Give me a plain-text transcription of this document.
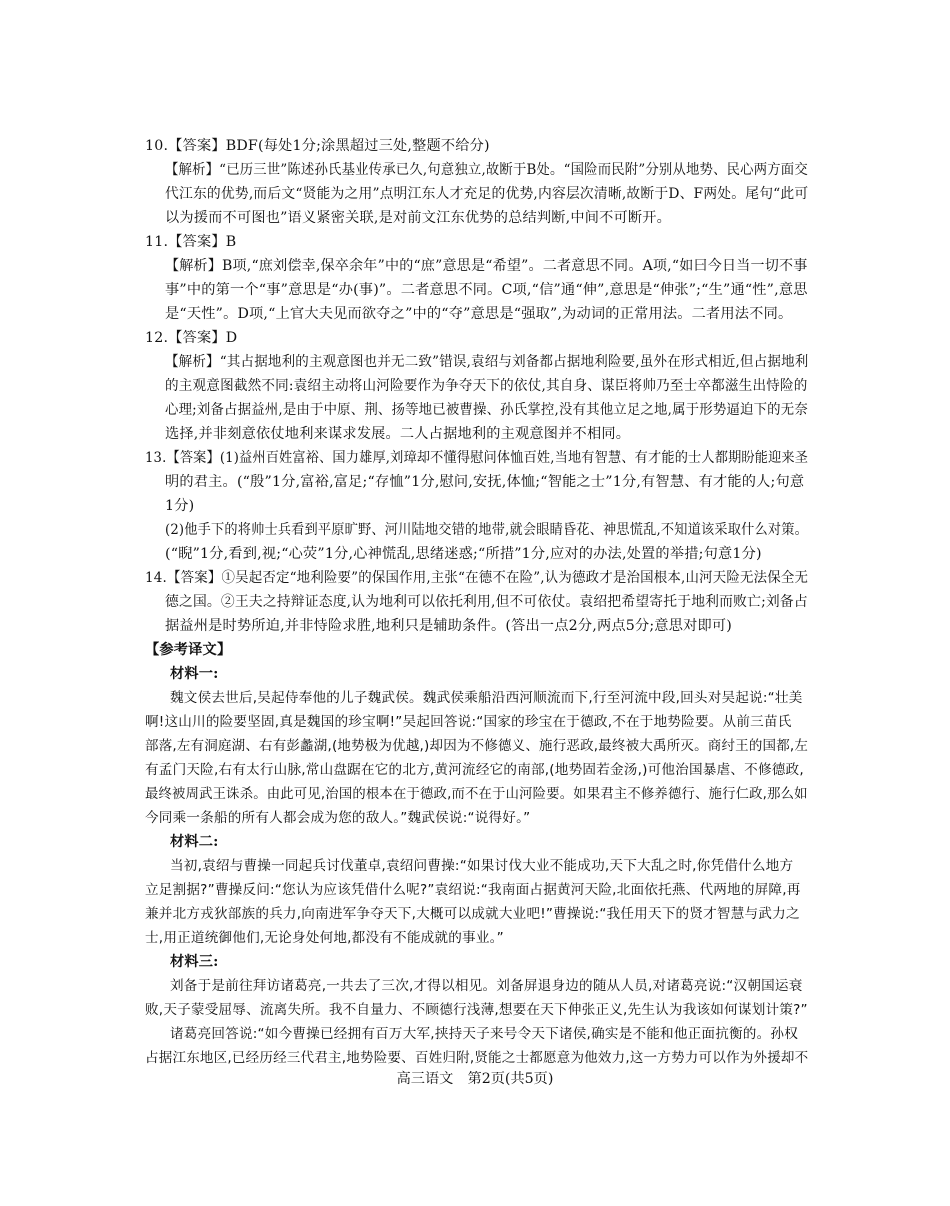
10.【答案】BDF(每处1分;涂黑超过三处,整题不给分)
【解析】“已历三世”陈述孙氏基业传承已久,句意独立,故断于B处。“国险而民附”分别从地势、民心两方面交
代江东的优势,而后文“贤能为之用”点明江东人才充足的优势,内容层次清晰,故断于D、F两处。尾句“此可
以为援而不可图也”语义紧密关联,是对前文江东优势的总结判断,中间不可断开。
11.【答案】B
【解析】B项,“庶刘偿幸,保卒余年”中的“庶”意思是“希望”。二者意思不同。A项,“如曰今日当一切不事
事”中的第一个“事”意思是“办(事)”。二者意思不同。C项,“信”通“伸”,意思是“伸张”;“生”通“性”,意思
是“天性”。D项,“上官大夫见而欲夺之”中的“夺”意思是“强取”,为动词的正常用法。二者用法不同。
12.【答案】D
【解析】“其占据地利的主观意图也并无二致”错误,袁绍与刘备都占据地利险要,虽外在形式相近,但占据地利
的主观意图截然不同:袁绍主动将山河险要作为争夺天下的依仗,其自身、谋臣将帅乃至士卒都滋生出恃险的
心理;刘备占据益州,是由于中原、荆、扬等地已被曹操、孙氏掌控,没有其他立足之地,属于形势逼迫下的无奈
选择,并非刻意依仗地利来谋求发展。二人占据地利的主观意图并不相同。
13.【答案】(1)益州百姓富裕、国力雄厚,刘璋却不懂得慰问体恤百姓,当地有智慧、有才能的士人都期盼能迎来圣
明的君主。(“殷”1分,富裕,富足;“存恤”1分,慰问,安抚,体恤;“智能之士”1分,有智慧、有才能的人;句意
1分)
(2)他手下的将帅士兵看到平原旷野、河川陆地交错的地带,就会眼睛昏花、神思慌乱,不知道该采取什么对策。
(“睨”1分,看到,视;“心荧”1分,心神慌乱,思绪迷惑;“所措”1分,应对的办法,处置的举措;句意1分)
14.【答案】①吴起否定“地利险要”的保国作用,主张“在德不在险”,认为德政才是治国根本,山河天险无法保全无
德之国。②王夫之持辩证态度,认为地利可以依托利用,但不可依仗。袁绍把希望寄托于地利而败亡;刘备占
据益州是时势所迫,并非恃险求胜,地利只是辅助条件。(答出一点2分,两点5分;意思对即可)
【参考译文】
材料一:
魏文侯去世后,吴起侍奉他的儿子魏武侯。魏武侯乘船沿西河顺流而下,行至河流中段,回头对吴起说:“壮美
啊!这山川的险要坚固,真是魏国的珍宝啊!”吴起回答说:“国家的珍宝在于德政,不在于地势险要。从前三苗氏
部落,左有洞庭湖、右有彭蠡湖,(地势极为优越,)却因为不修德义、施行恶政,最终被大禹所灭。商纣王的国都,左
有孟门天险,右有太行山脉,常山盘踞在它的北方,黄河流经它的南部,(地势固若金汤,)可他治国暴虐、不修德政,
最终被周武王诛杀。由此可见,治国的根本在于德政,而不在于山河险要。如果君主不修养德行、施行仁政,那么如
今同乘一条船的所有人都会成为您的敌人。”魏武侯说:“说得好。”
材料二:
当初,袁绍与曹操一同起兵讨伐董卓,袁绍问曹操:“如果讨伐大业不能成功,天下大乱之时,你凭借什么地方
立足割据?”曹操反问:“您认为应该凭借什么呢?”袁绍说:“我南面占据黄河天险,北面依托燕、代两地的屏障,再
兼并北方戎狄部族的兵力,向南进军争夺天下,大概可以成就大业吧!”曹操说:“我任用天下的贤才智慧与武力之
士,用正道统御他们,无论身处何地,都没有不能成就的事业。”
材料三:
刘备于是前往拜访诸葛亮,一共去了三次,才得以相见。刘备屏退身边的随从人员,对诸葛亮说:“汉朝国运衰
败,天子蒙受屈辱、流离失所。我不自量力、不顾德行浅薄,想要在天下伸张正义,先生认为我该如何谋划计策?”
诸葛亮回答说:“如今曹操已经拥有百万大军,挟持天子来号令天下诸侯,确实是不能和他正面抗衡的。孙权
占据江东地区,已经历经三代君主,地势险要、百姓归附,贤能之士都愿意为他效力,这一方势力可以作为外援却不
高三语文　第2页(共5页)
